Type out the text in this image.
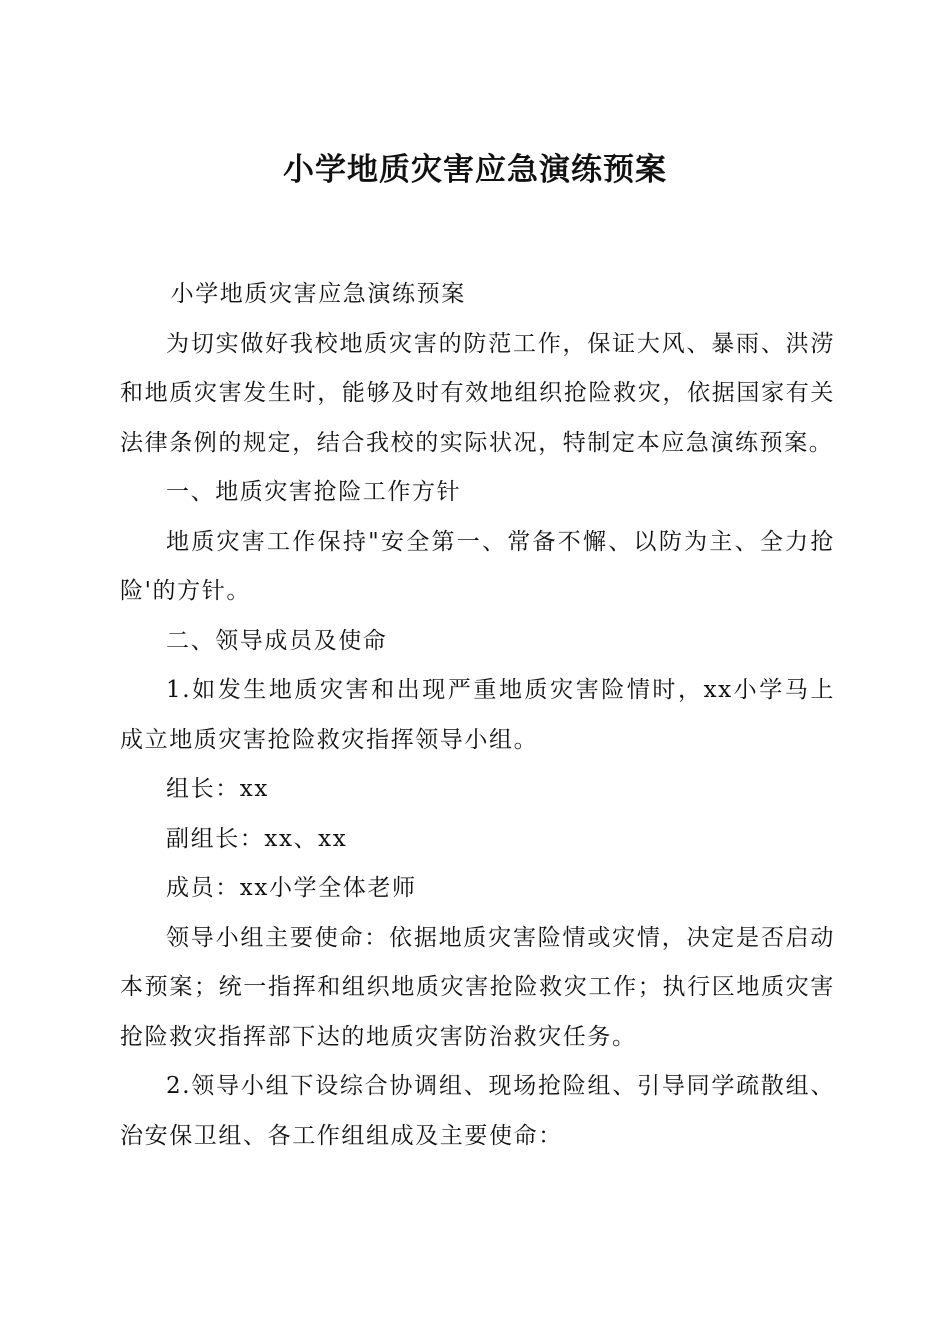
小学地质灾害应急演练预案

小学地质灾害应急演练预案

为切实做好我校地质灾害的防范工作，保证大风、暴雨、洪涝和地质灾害发生时，能够及时有效地组织抢险救灾，依据国家有关法律条例的规定，结合我校的实际状况，特制定本应急演练预案。

一、地质灾害抢险工作方针

地质灾害工作保持"安全第一、常备不懈、以防为主、全力抢险'的方针。

二、领导成员及使命

1.如发生地质灾害和出现严重地质灾害险情时，xx小学马上成立地质灾害抢险救灾指挥领导小组。

组长：xx

副组长：xx、xx

成员：xx小学全体老师

领导小组主要使命：依据地质灾害险情或灾情，决定是否启动本预案；统一指挥和组织地质灾害抢险救灾工作；执行区地质灾害抢险救灾指挥部下达的地质灾害防治救灾任务。

2.领导小组下设综合协调组、现场抢险组、引导同学疏散组、治安保卫组、各工作组组成及主要使命：
